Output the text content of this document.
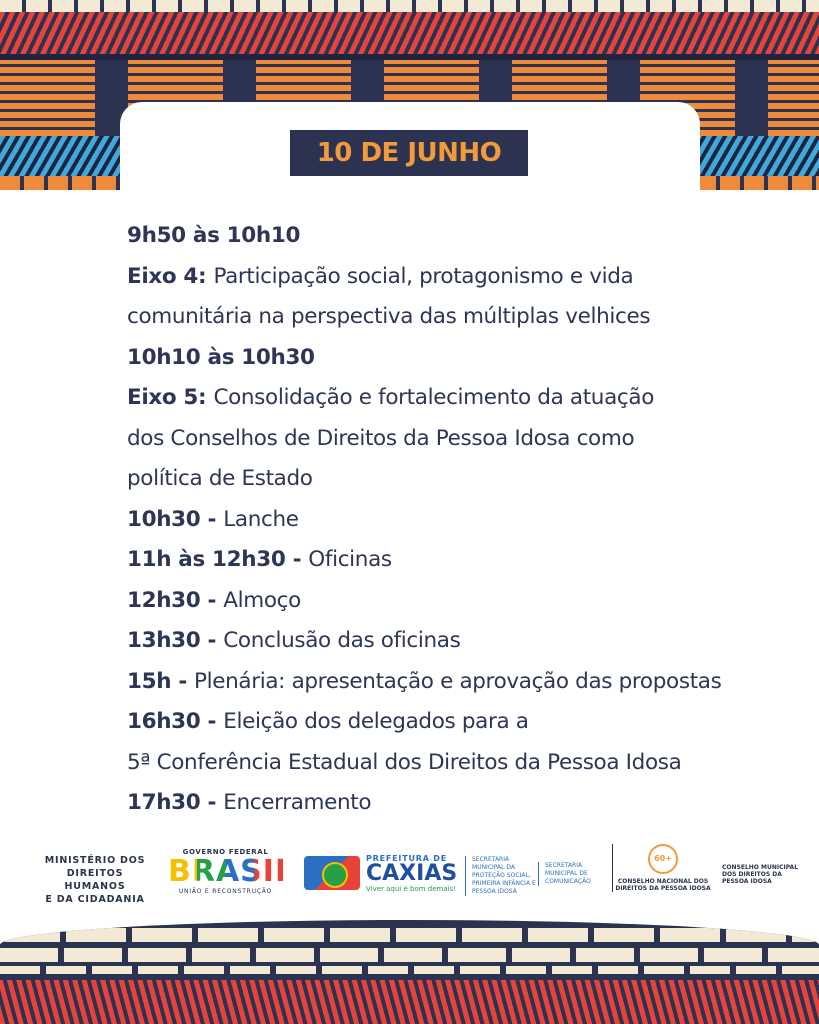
10 DE JUNHO
9h50 às 10h10
Eixo 4: Participação social, protagonismo e vida
comunitária na perspectiva das múltiplas velhices
10h10 às 10h30
Eixo 5: Consolidação e fortalecimento da atuação
dos Conselhos de Direitos da Pessoa Idosa como
política de Estado
10h30 - Lanche
11h às 12h30 - Oficinas
12h30 - Almoço
13h30 - Conclusão das oficinas
15h - Plenária: apresentação e aprovação das propostas
16h30 - Eleição dos delegados para a
5ª Conferência Estadual dos Direitos da Pessoa Idosa
17h30 - Encerramento
MINISTÉRIO DOS
DIREITOS HUMANOS
E DA CIDADANIA
GOVERNO FEDERAL
BRASIL
UNIÃO E RECONSTRUÇÃO
PREFEITURA DE
CAXIAS
Viver aqui é bom demais!
SECRETARIA MUNICIPAL DA PROTEÇÃO SOCIAL, PRIMEIRA INFÂNCIA E PESSOA IDOSA
SECRETARIA MUNICIPAL DE COMUNICAÇÃO
60+
CONSELHO NACIONAL DOS DIREITOS DA PESSOA IDOSA
CONSELHO MUNICIPAL DOS DIREITOS DA PESSOA IDOSA
